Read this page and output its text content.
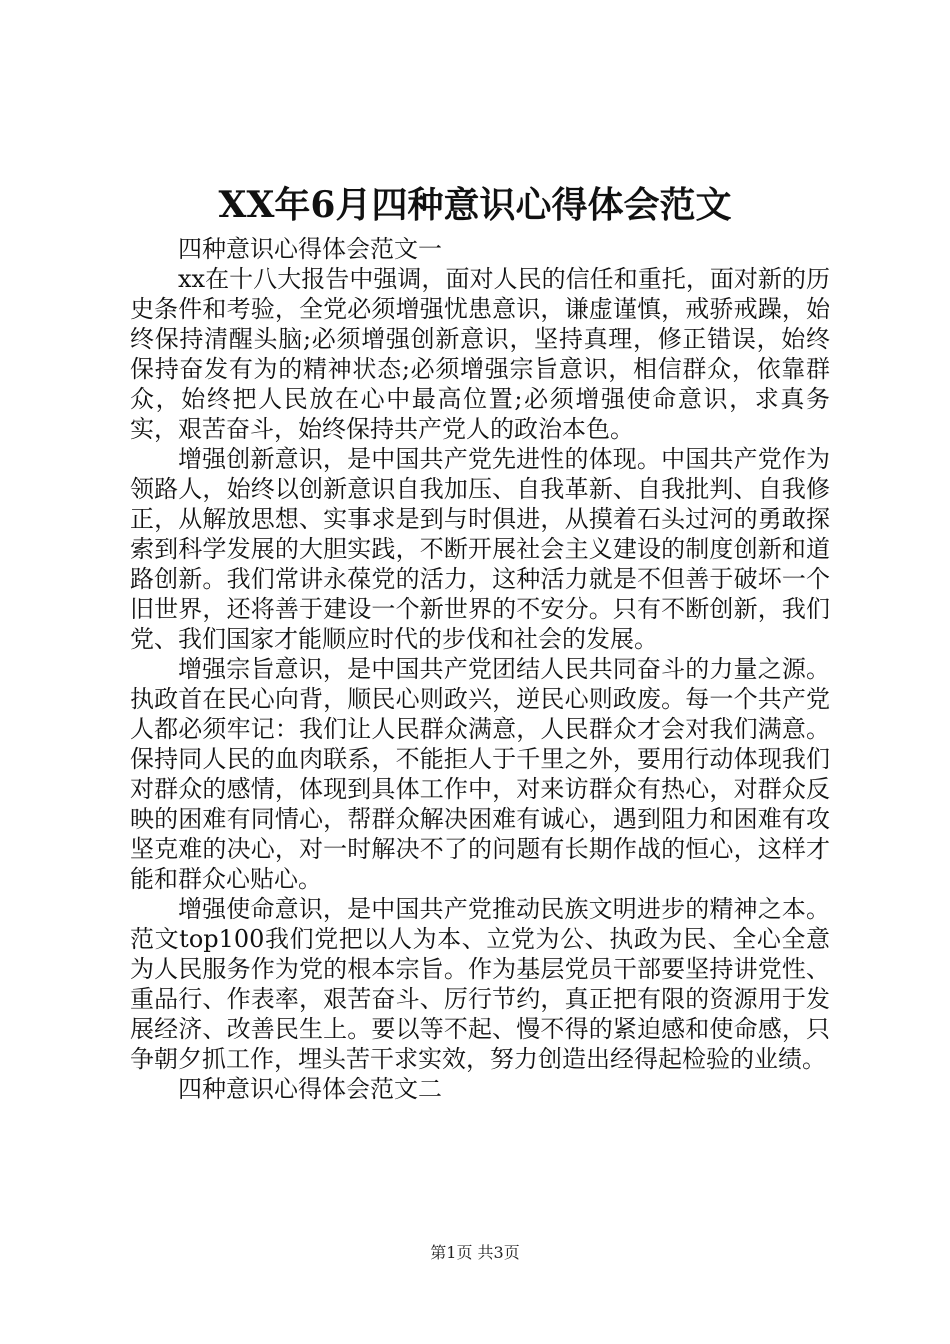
XX年6月四种意识心得体会范文

四种意识心得体会范文一

xx在十八大报告中强调，面对人民的信任和重托，面对新的历史条件和考验，全党必须增强忧患意识，谦虚谨慎，戒骄戒躁，始终保持清醒头脑;必须增强创新意识，坚持真理，修正错误，始终保持奋发有为的精神状态;必须增强宗旨意识，相信群众，依靠群众，始终把人民放在心中最高位置;必须增强使命意识，求真务实，艰苦奋斗，始终保持共产党人的政治本色。

增强创新意识，是中国共产党先进性的体现。中国共产党作为领路人，始终以创新意识自我加压、自我革新、自我批判、自我修正，从解放思想、实事求是到与时俱进，从摸着石头过河的勇敢探索到科学发展的大胆实践，不断开展社会主义建设的制度创新和道路创新。我们常讲永葆党的活力，这种活力就是不但善于破坏一个旧世界，还将善于建设一个新世界的不安分。只有不断创新，我们党、我们国家才能顺应时代的步伐和社会的发展。

增强宗旨意识，是中国共产党团结人民共同奋斗的力量之源。执政首在民心向背，顺民心则政兴，逆民心则政废。每一个共产党人都必须牢记：我们让人民群众满意，人民群众才会对我们满意。保持同人民的血肉联系，不能拒人于千里之外，要用行动体现我们对群众的感情，体现到具体工作中，对来访群众有热心，对群众反映的困难有同情心，帮群众解决困难有诚心，遇到阻力和困难有攻坚克难的决心，对一时解决不了的问题有长期作战的恒心，这样才能和群众心贴心。

增强使命意识，是中国共产党推动民族文明进步的精神之本。范文top100我们党把以人为本、立党为公、执政为民、全心全意为人民服务作为党的根本宗旨。作为基层党员干部要坚持讲党性、重品行、作表率，艰苦奋斗、厉行节约，真正把有限的资源用于发展经济、改善民生上。要以等不起、慢不得的紧迫感和使命感，只争朝夕抓工作，埋头苦干求实效，努力创造出经得起检验的业绩。

四种意识心得体会范文二

第1页 共3页
